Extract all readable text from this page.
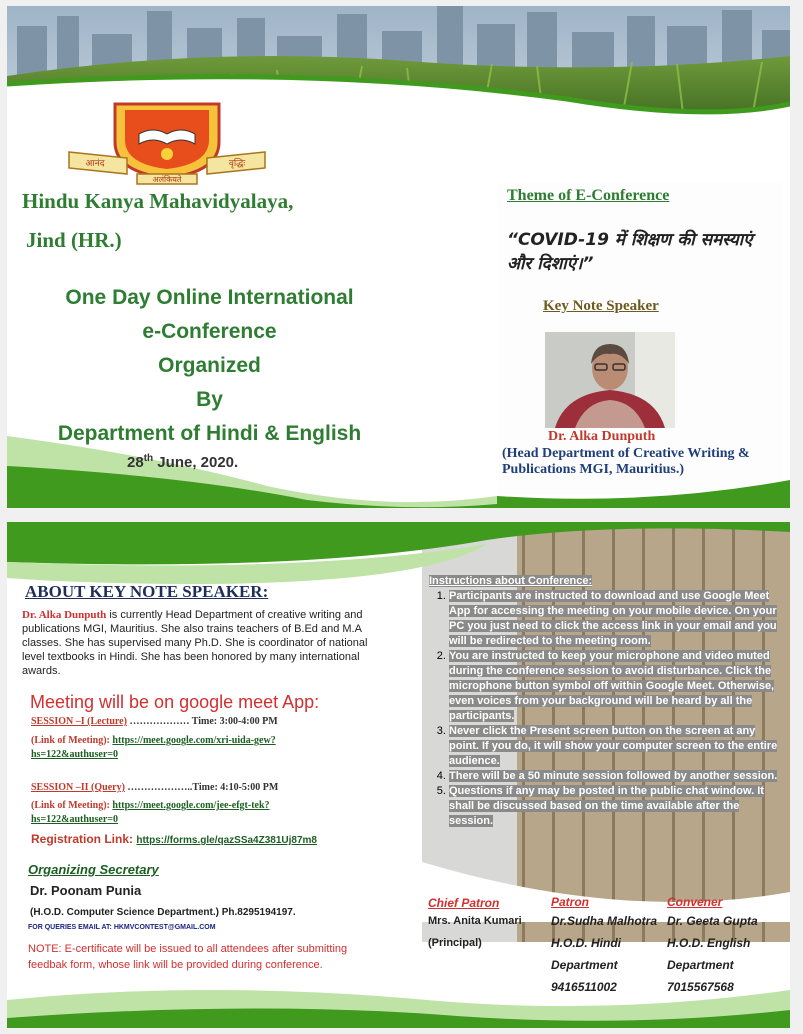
आनंद	वृद्धिः
अलंकियते
Hindu Kanya Mahavidyalaya,
Jind (HR.)
One Day Online International
e-Conference
Organized
By
Department of Hindi & English
Theme of E-Conference
“COVID-19 में शिक्षण की समस्याएं और दिशाएं।”
Key Note Speaker
Dr. Alka Dunputh
(Head Department of Creative Writing & Publications MGI, Mauritius.)
28th June, 2020.
ABOUT KEY NOTE SPEAKER:
Dr. Alka Dunputh is currently Head Department of creative writing and publications MGI, Mauritius. She also trains teachers of B.Ed and M.A classes. She has supervised many Ph.D. She is coordinator of national level textbooks in Hindi. She has been honored by many international awards.
Meeting will be on google meet App:
SESSION –I (Lecture) ……………… Time: 3:00-4:00 PM
(Link of Meeting): https://meet.google.com/xri-uida-gew?hs=122&authuser=0
SESSION –II (Query) ………………..Time: 4:10-5:00 PM
(Link of Meeting): https://meet.google.com/jee-efgt-tek?hs=122&authuser=0
Registration Link: https://forms.gle/qazSSa4Z381Uj87m8
Organizing Secretary
Dr. Poonam Punia
(H.O.D. Computer Science Department.) Ph.8295194197.
FOR QUERIES EMAIL AT: HKMVCONTEST@GMAIL.COM
NOTE: E-certificate will be issued to all attendees after submitting feedbak form, whose link will be provided during conference.
Instructions about Conference:
1. Participants are instructed to download and use Google Meet App for accessing the meeting on your mobile device. On your PC you just need to click the access link in your email and you will be redirected to the meeting room.
2. You are instructed to keep your microphone and video muted during the conference session to avoid disturbance. Click the microphone button symbol off within Google Meet. Otherwise, even voices from your background will be heard by all the participants.
3. Never click the Present screen button on the screen at any point. If you do, it will show your computer screen to the entire audience.
4. There will be a 50 minute session followed by another session.
5. Questions if any may be posted in the public chat window. It shall be discussed based on the time available after the session.
Chief Patron
Mrs. Anita Kumari
(Principal)
Patron
Dr.Sudha Malhotra
H.O.D. Hindi
Department
9416511002
Convener
Dr. Geeta Gupta
H.O.D. English
Department
7015567568
